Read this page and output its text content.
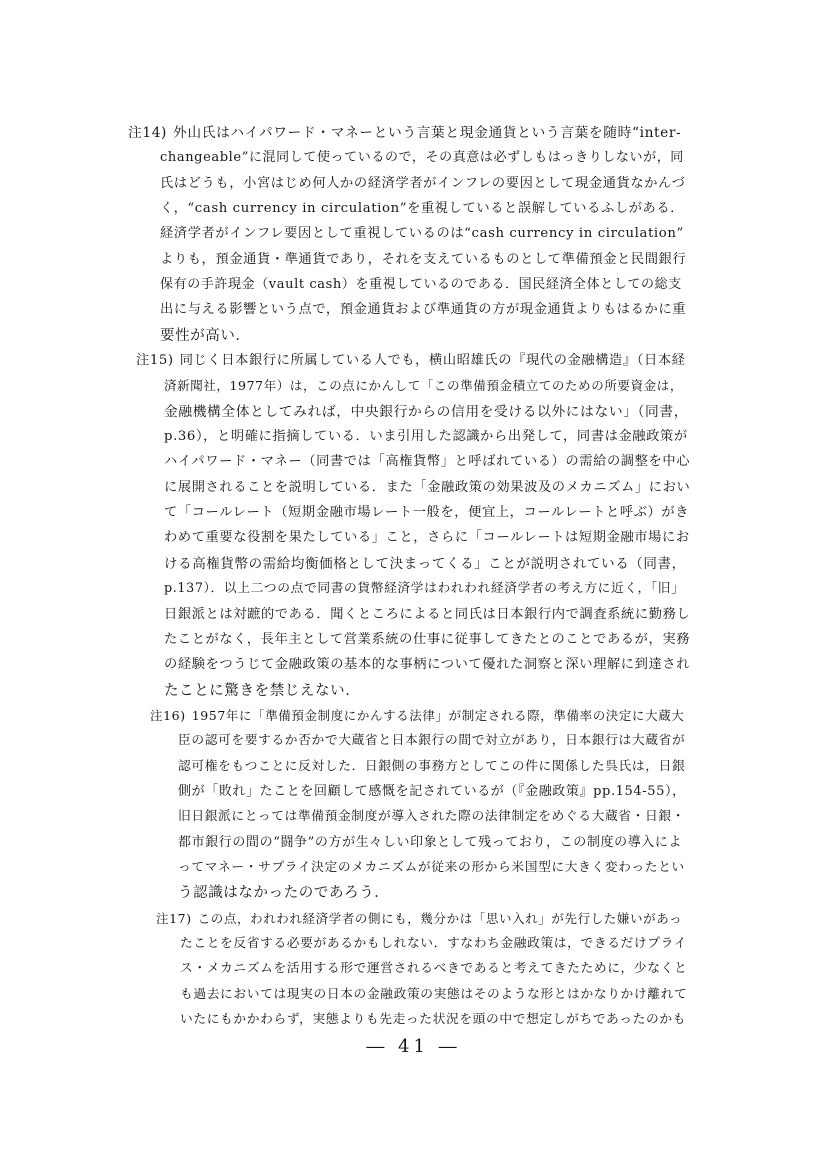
注14) 外山氏はハイパワード・マネーという言葉と現金通貨という言葉を随時“inter-

changeable”に混同して使っているので，その真意は必ずしもはっきりしないが，同

氏はどうも，小宮はじめ何人かの経済学者がインフレの要因として現金通貨なかんづ

く，“cash currency in circulation”を重視していると誤解しているふしがある．

経済学者がインフレ要因として重視しているのは“cash currency in circulation”

よりも，預金通貨・準通貨であり，それを支えているものとして準備預金と民間銀行

保有の手許現金（vault cash）を重視しているのである．国民経済全体としての総支

出に与える影響という点で，預金通貨および準通貨の方が現金通貨よりもはるかに重

要性が高い．

注15) 同じく日本銀行に所属している人でも，横山昭雄氏の『現代の金融構造』（日本経

済新聞社，1977年）は，この点にかんして「この準備預金積立てのための所要資金は，

金融機構全体としてみれば，中央銀行からの信用を受ける以外にはない」（同書，

p.36），と明確に指摘している．いま引用した認識から出発して，同書は金融政策が

ハイパワード・マネー（同書では「高権貨幣」と呼ばれている）の需給の調整を中心

に展開されることを説明している．また「金融政策の効果波及のメカニズム」におい

て「コールレート（短期金融市場レート一般を，便宜上，コールレートと呼ぶ）がき

わめて重要な役割を果たしている」こと，さらに「コールレートは短期金融市場にお

ける高権貨幣の需給均衡価格として決まってくる」ことが説明されている（同書，

p.137）．以上二つの点で同書の貨幣経済学はわれわれ経済学者の考え方に近く，「旧」

日銀派とは対蹠的である．聞くところによると同氏は日本銀行内で調査系統に勤務し

たことがなく，長年主として営業系統の仕事に従事してきたとのことであるが，実務

の経験をつうじて金融政策の基本的な事柄について優れた洞察と深い理解に到達され

たことに驚きを禁じえない．

注16) 1957年に「準備預金制度にかんする法律」が制定される際，準備率の決定に大蔵大

臣の認可を要するか否かで大蔵省と日本銀行の間で対立があり，日本銀行は大蔵省が

認可権をもつことに反対した．日銀側の事務方としてこの件に関係した呉氏は，日銀

側が「敗れ」たことを回顧して感慨を記されているが（『金融政策』pp.154-55），

旧日銀派にとっては準備預金制度が導入された際の法律制定をめぐる大蔵省・日銀・

都市銀行の間の“闘争”の方が生々しい印象として残っており，この制度の導入によ

ってマネー・サプライ決定のメカニズムが従来の形から米国型に大きく変わったとい

う認識はなかったのであろう．

注17) この点，われわれ経済学者の側にも，幾分かは「思い入れ」が先行した嫌いがあっ

たことを反省する必要があるかもしれない．すなわち金融政策は，できるだけプライ

ス・メカニズムを活用する形で運営されるべきであると考えてきたために，少なくと

も過去においては現実の日本の金融政策の実態はそのような形とはかなりかけ離れて

いたにもかかわらず，実態よりも先走った状況を頭の中で想定しがちであったのかも

― 41 ―
